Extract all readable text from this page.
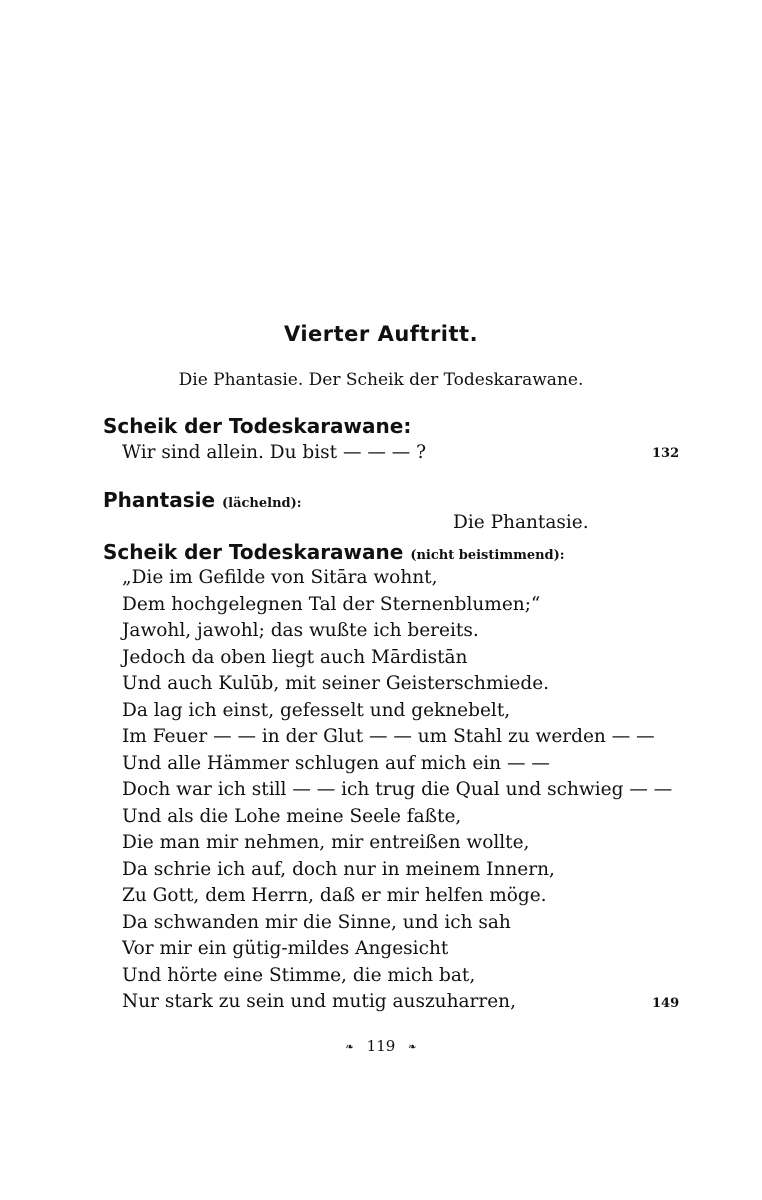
Vierter Auftritt.
Die Phantasie. Der Scheik der Todeskarawane.
Scheik der Todeskarawane:
Wir sind allein. Du bist — — — ?	132
Phantasie (lächelnd):
Die Phantasie.
Scheik der Todeskarawane (nicht beistimmend):
„Die im Gefilde von Sitāra wohnt,
Dem hochgelegnen Tal der Sternenblumen;“
Jawohl, jawohl; das wußte ich bereits.
Jedoch da oben liegt auch Mārdistān
Und auch Kulūb, mit seiner Geisterschmiede.
Da lag ich einst, gefesselt und geknebelt,
Im Feuer — — in der Glut — — um Stahl zu werden — —
Und alle Hämmer schlugen auf mich ein — —
Doch war ich still — — ich trug die Qual und schwieg — —
Und als die Lohe meine Seele faßte,
Die man mir nehmen, mir entreißen wollte,
Da schrie ich auf, doch nur in meinem Innern,
Zu Gott, dem Herrn, daß er mir helfen möge.
Da schwanden mir die Sinne, und ich sah
Vor mir ein gütig-mildes Angesicht
Und hörte eine Stimme, die mich bat,
Nur stark zu sein und mutig auszuharren,	149
❧ 119 ❧
